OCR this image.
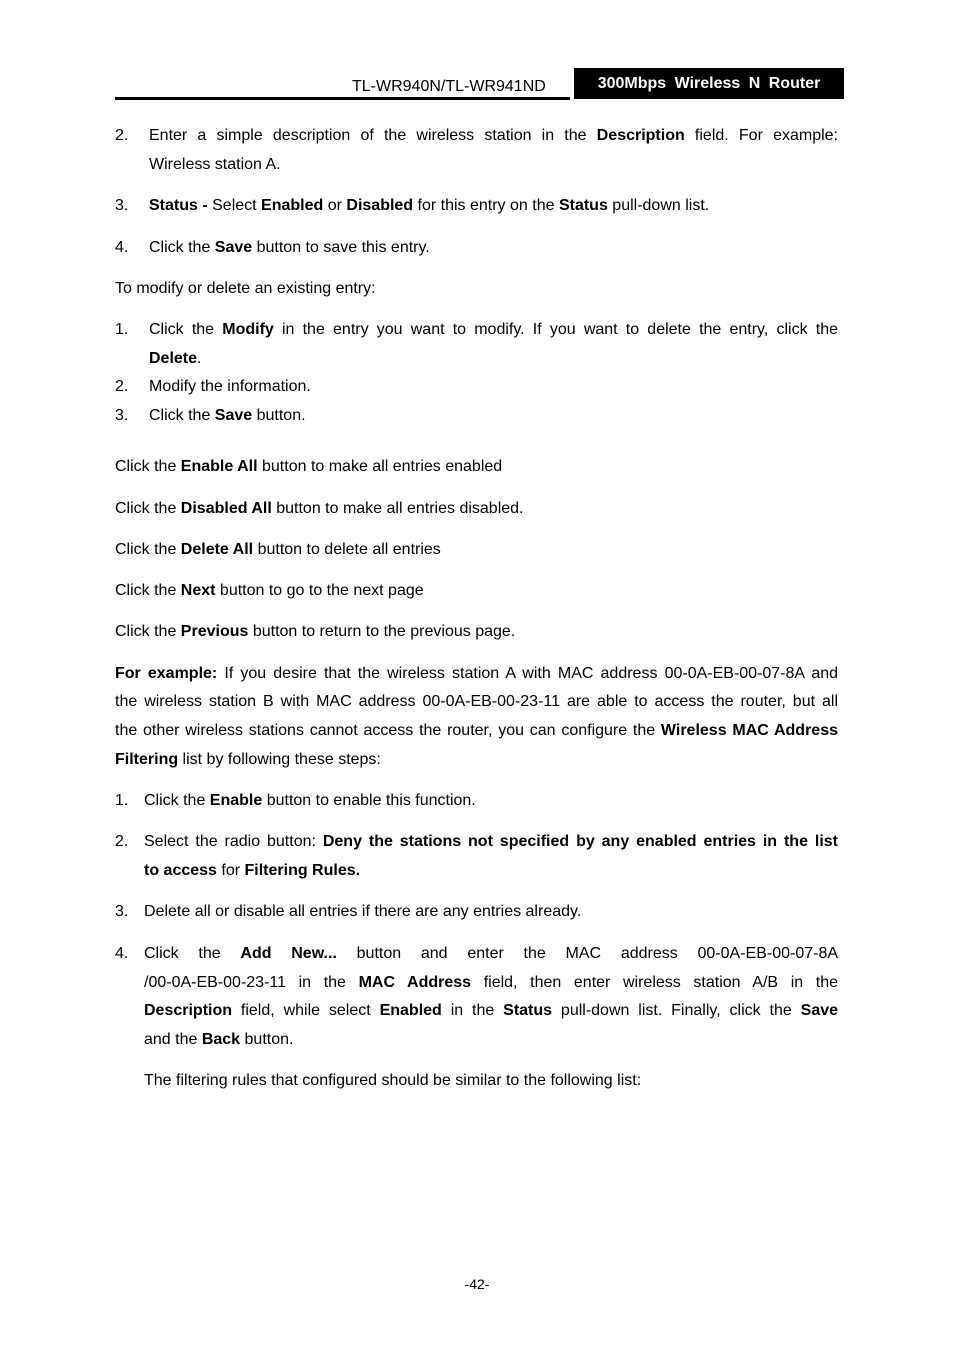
TL-WR940N/TL-WR941ND	300Mbps Wireless N Router
2. Enter a simple description of the wireless station in the Description field. For example:
Wireless station A.
3. Status - Select Enabled or Disabled for this entry on the Status pull-down list.
4. Click the Save button to save this entry.
To modify or delete an existing entry:
1. Click the Modify in the entry you want to modify. If you want to delete the entry, click the
Delete.
2. Modify the information.
3. Click the Save button.
Click the Enable All button to make all entries enabled
Click the Disabled All button to make all entries disabled.
Click the Delete All button to delete all entries
Click the Next button to go to the next page
Click the Previous button to return to the previous page.
For example: If you desire that the wireless station A with MAC address 00-0A-EB-00-07-8A and
the wireless station B with MAC address 00-0A-EB-00-23-11 are able to access the router, but all
the other wireless stations cannot access the router, you can configure the Wireless MAC Address
Filtering list by following these steps:
1. Click the Enable button to enable this function.
2. Select the radio button: Deny the stations not specified by any enabled entries in the list
to access for Filtering Rules.
3. Delete all or disable all entries if there are any entries already.
4. Click the Add New... button and enter the MAC address 00-0A-EB-00-07-8A
/00-0A-EB-00-23-11 in the MAC Address field, then enter wireless station A/B in the
Description field, while select Enabled in the Status pull-down list. Finally, click the Save
and the Back button.
The filtering rules that configured should be similar to the following list:
-42-
